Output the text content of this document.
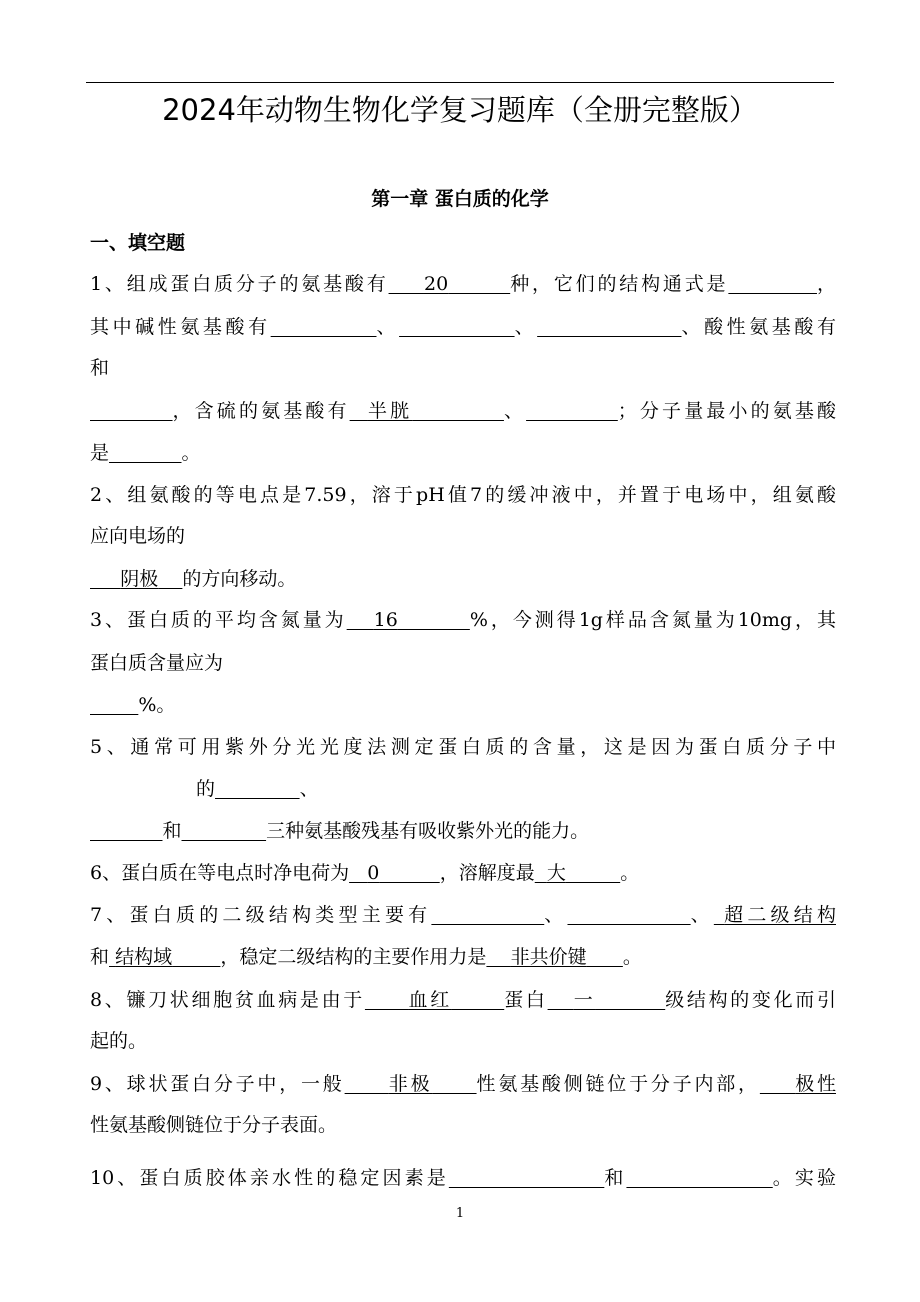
2024年动物生物化学复习题库（全册完整版）
第一章 蛋白质的化学
一、填空题
1、组成蛋白质分子的氨基酸有 20	种，它们的结构通式是	，
其中碱性氨基酸有	、	、	、酸性氨基酸有
和
，含硫的氨基酸有 半胱	、	；分子量最小的氨基酸
是	。
2、组氨酸的等电点是7.59，溶于pH值7的缓冲液中，并置于电场中，组氨酸
应向电场的
阴极 的方向移动。
3、蛋白质的平均含氮量为 16	%，今测得1g样品含氮量为10mg，其
蛋白质含量应为
%。
5、通常可用紫外分光光度法测定蛋白质的含量，这是因为蛋白质分子中
的	、
和	三种氨基酸残基有吸收紫外光的能力。
6、蛋白质在等电点时净电荷为 0	，溶解度最 大	。
7、蛋白质的二级结构类型主要有	、	、 超二级结构
和 结构域	，稳定二级结构的主要作用力是 非共价键 。
8、镰刀状细胞贫血病是由于 血红	蛋白 一	级结构的变化而引
起的。
9、球状蛋白分子中，一般 非极 性氨基酸侧链位于分子内部， 极性
性氨基酸侧链位于分子表面。
10、蛋白质胶体亲水性的稳定因素是	和	。实验
1
